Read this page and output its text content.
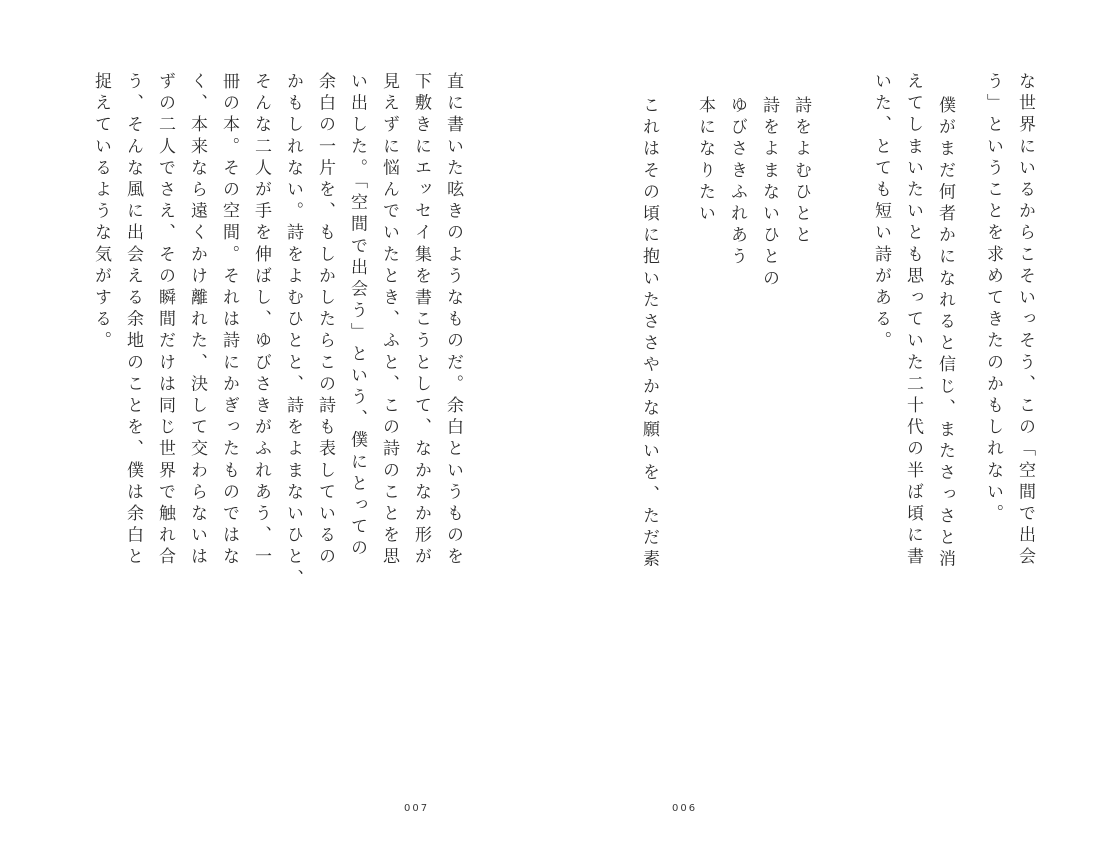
な世界にいるからこそいっそう、この「空間で出会

う」ということを求めてきたのかもしれない。

僕がまだ何者かになれると信じ、またさっさと消

えてしまいたいとも思っていた二十代の半ば頃に書

いた、とても短い詩がある。

詩をよむひとと

詩をよまないひとの

ゆびさきふれあう

本になりたい

これはその頃に抱いたささやかな願いを、ただ素

006

直に書いた呟きのようなものだ。余白というものを

下敷きにエッセイ集を書こうとして、なかなか形が

見えずに悩んでいたとき、ふと、この詩のことを思

い出した。「空間で出会う」という、僕にとっての

余白の一片を、もしかしたらこの詩も表しているの

かもしれない。詩をよむひとと、詩をよまないひと、

そんな二人が手を伸ばし、ゆびさきがふれあう、一

冊の本。その空間。それは詩にかぎったものではな

く、本来なら遠くかけ離れた、決して交わらないは

ずの二人でさえ、その瞬間だけは同じ世界で触れ合

う、そんな風に出会える余地のことを、僕は余白と

捉えているような気がする。

007
